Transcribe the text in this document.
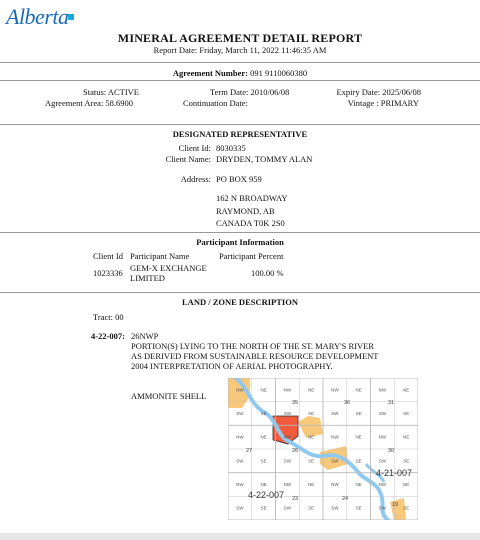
Alberta
MINERAL AGREEMENT DETAIL REPORT
Report Date: Friday, March 11, 2022 11:46:35 AM
Agreement Number: 091 9110060380
Status: ACTIVE
Agreement Area: 58.6900
Term Date: 2010/06/08
Continuation Date:
Expiry Date: 2025/06/08
Vintage : PRIMARY
DESIGNATED REPRESENTATIVE
Client Id: 8030335
Client Name: DRYDEN, TOMMY ALAN
Address: PO BOX 959
162 N BROADWAY
RAYMOND, AB
CANADA T0K 2S0
Participant Information
Client Id Participant Name	Participant Percent
1023336 GEM-X EXCHANGE
LIMITED	100.00 %
LAND / ZONE DESCRIPTION
Tract: 00
4-22-007: 26NWP
PORTION(S) LYING TO THE NORTH OF THE ST. MARY'S RIVER
AS DERIVED FROM SUSTAINABLE RESOURCE DEVELOPMENT
2004 INTERPRETATION OF AERIAL PHOTOGRAPHY.
AMMONITE SHELL
NW	NE	NW	NE	NW	NE	NW	NE
SW	SE	SW	SE	SW	SE	SW	SE
NW	NE	NW	NE	NW	NE	NW	NE
SW	SE	SW	SE	SW	SE	SW	SE
NW	NE	NW	NE	NW	NE	NW	NE
SW	SE	SW	SE	SW	SE	SW	SE
35	36	31
27	26	30
23	24
19
4-21-007
4-22-007
